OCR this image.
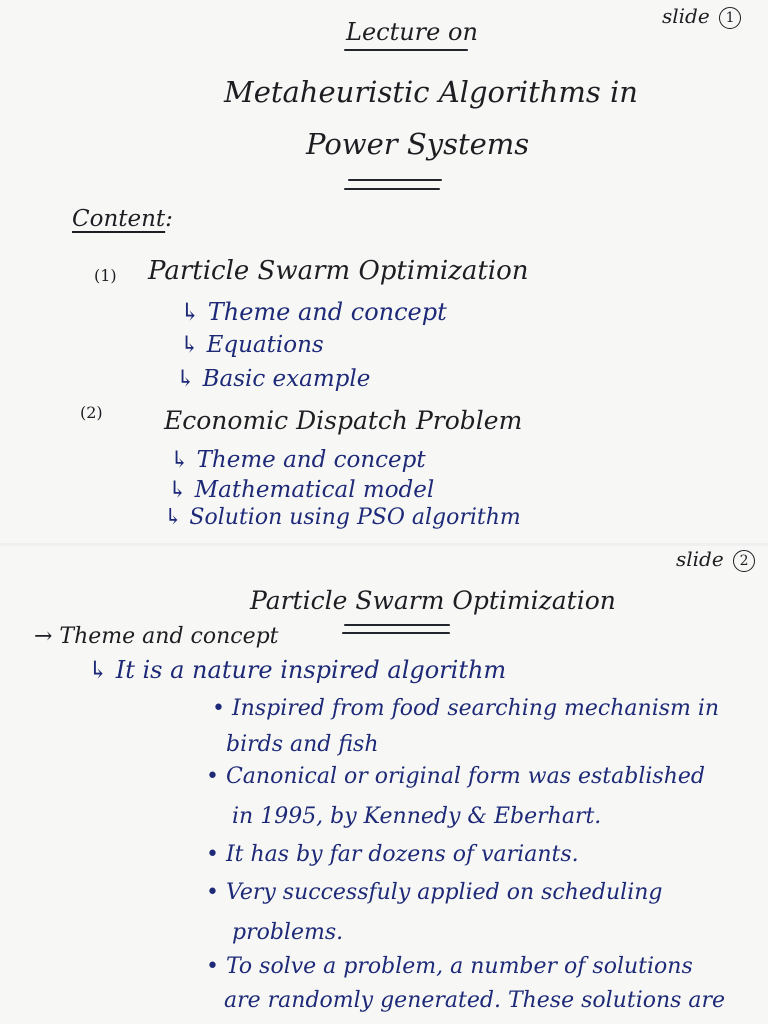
slide 1
Lecture on
Metaheuristic Algorithms in
Power Systems
Content:
(1) Particle Swarm Optimization
↳ Theme and concept
↳ Equations
↳ Basic example
(2) Economic Dispatch Problem
↳ Theme and concept
↳ Mathematical model
↳ Solution using PSO algorithm
slide 2
Particle Swarm Optimization
→ Theme and concept
↳ It is a nature inspired algorithm
• Inspired from food searching mechanism in
birds and fish
• Canonical or original form was established
in 1995, by Kennedy & Eberhart.
• It has by far dozens of variants.
• Very successfuly applied on scheduling
problems.
• To solve a problem, a number of solutions
are randomly generated. These solutions are
